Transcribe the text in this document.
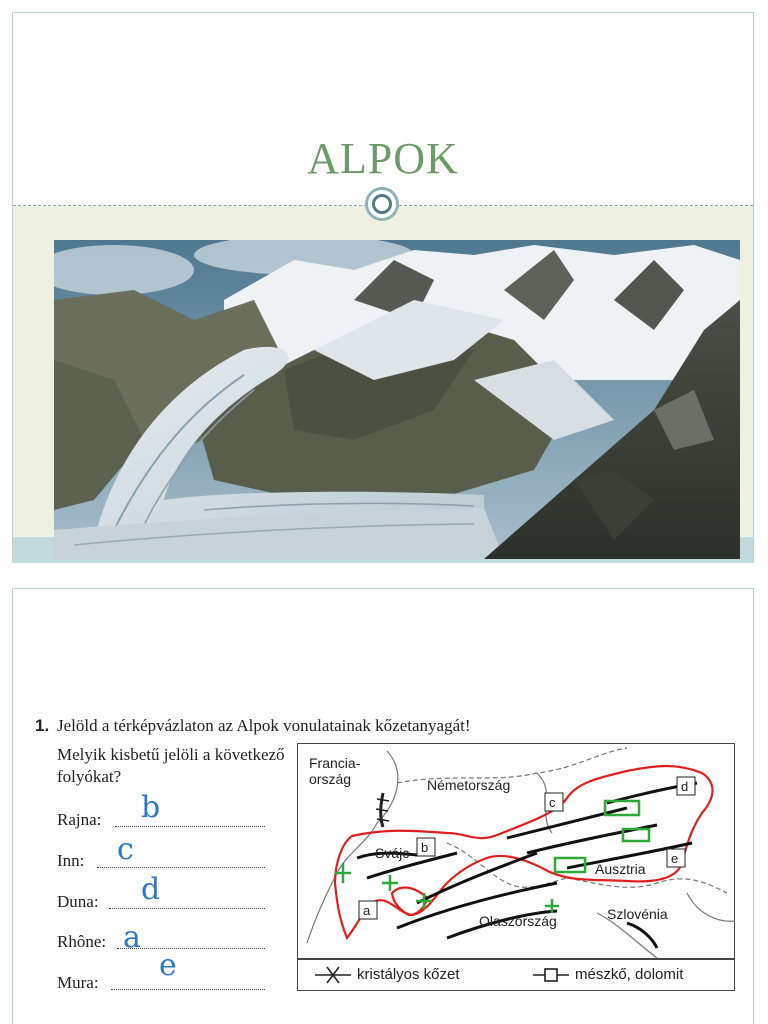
ALPOK
1. Jelöld a térképvázlaton az Alpok vonulatainak kőzetanyagát!
Melyik kisbetű jelöli a következő folyókat?
Rajna: b
Inn: c
Duna: d
Rhône: a
Mura: e
a
b
c
d
e
Francia-
ország	Németország
Svájc
Ausztria
Olaszország	Szlovénia
kristályos kőzet	mészkő, dolomit
